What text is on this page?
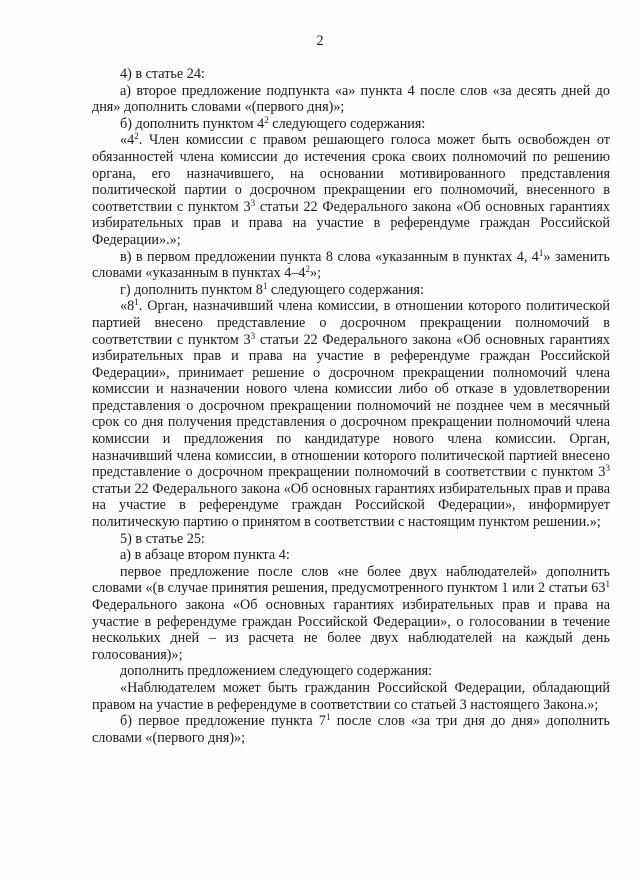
2

4) в статье 24:

а) второе предложение подпункта «а» пункта 4 после слов «за десять дней до дня» дополнить словами «(первого дня)»;

б) дополнить пунктом $4^2$ следующего содержания:

«$4^2$. Член комиссии с правом решающего голоса может быть освобожден от обязанностей члена комиссии до истечения срока своих полномочий по решению органа, его назначившего, на основании мотивированного представления политической партии о досрочном прекращении его полномочий, внесенного в соответствии с пунктом $3^3$ статьи 22 Федерального закона «Об основных гарантиях избирательных прав и права на участие в референдуме граждан Российской Федерации».»;

в) в первом предложении пункта 8 слова «указанным в пунктах 4, $4^1$» заменить словами «указанным в пунктах $4-4^2$»;

г) дополнить пунктом $8^1$ следующего содержания:

«$8^1$. Орган, назначивший члена комиссии, в отношении которого политической партией внесено представление о досрочном прекращении полномочий в соответствии с пунктом $3^3$ статьи 22 Федерального закона «Об основных гарантиях избирательных прав и права на участие в референдуме граждан Российской Федерации», принимает решение о досрочном прекращении полномочий члена комиссии и назначении нового члена комиссии либо об отказе в удовлетворении представления о досрочном прекращении полномочий не позднее чем в месячный срок со дня получения представления о досрочном прекращении полномочий члена комиссии и предложения по кандидатуре нового члена комиссии. Орган, назначивший члена комиссии, в отношении которого политической партией внесено представление о досрочном прекращении полномочий в соответствии с пунктом $3^3$ статьи 22 Федерального закона «Об основных гарантиях избирательных прав и права на участие в референдуме граждан Российской Федерации», информирует политическую партию о принятом в соответствии с настоящим пунктом решении.»;

5) в статье 25:

а) в абзаце втором пункта 4:

первое предложение после слов «не более двух наблюдателей» дополнить словами «(в случае принятия решения, предусмотренного пунктом 1 или 2 статьи $63^1$ Федерального закона «Об основных гарантиях избирательных прав и права на участие в референдуме граждан Российской Федерации», о голосовании в течение нескольких дней – из расчета не более двух наблюдателей на каждый день голосования)»;

дополнить предложением следующего содержания:

«Наблюдателем может быть гражданин Российской Федерации, обладающий правом на участие в референдуме в соответствии со статьей 3 настоящего Закона.»;

б) первое предложение пункта $7^1$ после слов «за три дня до дня» дополнить словами «(первого дня)»;
